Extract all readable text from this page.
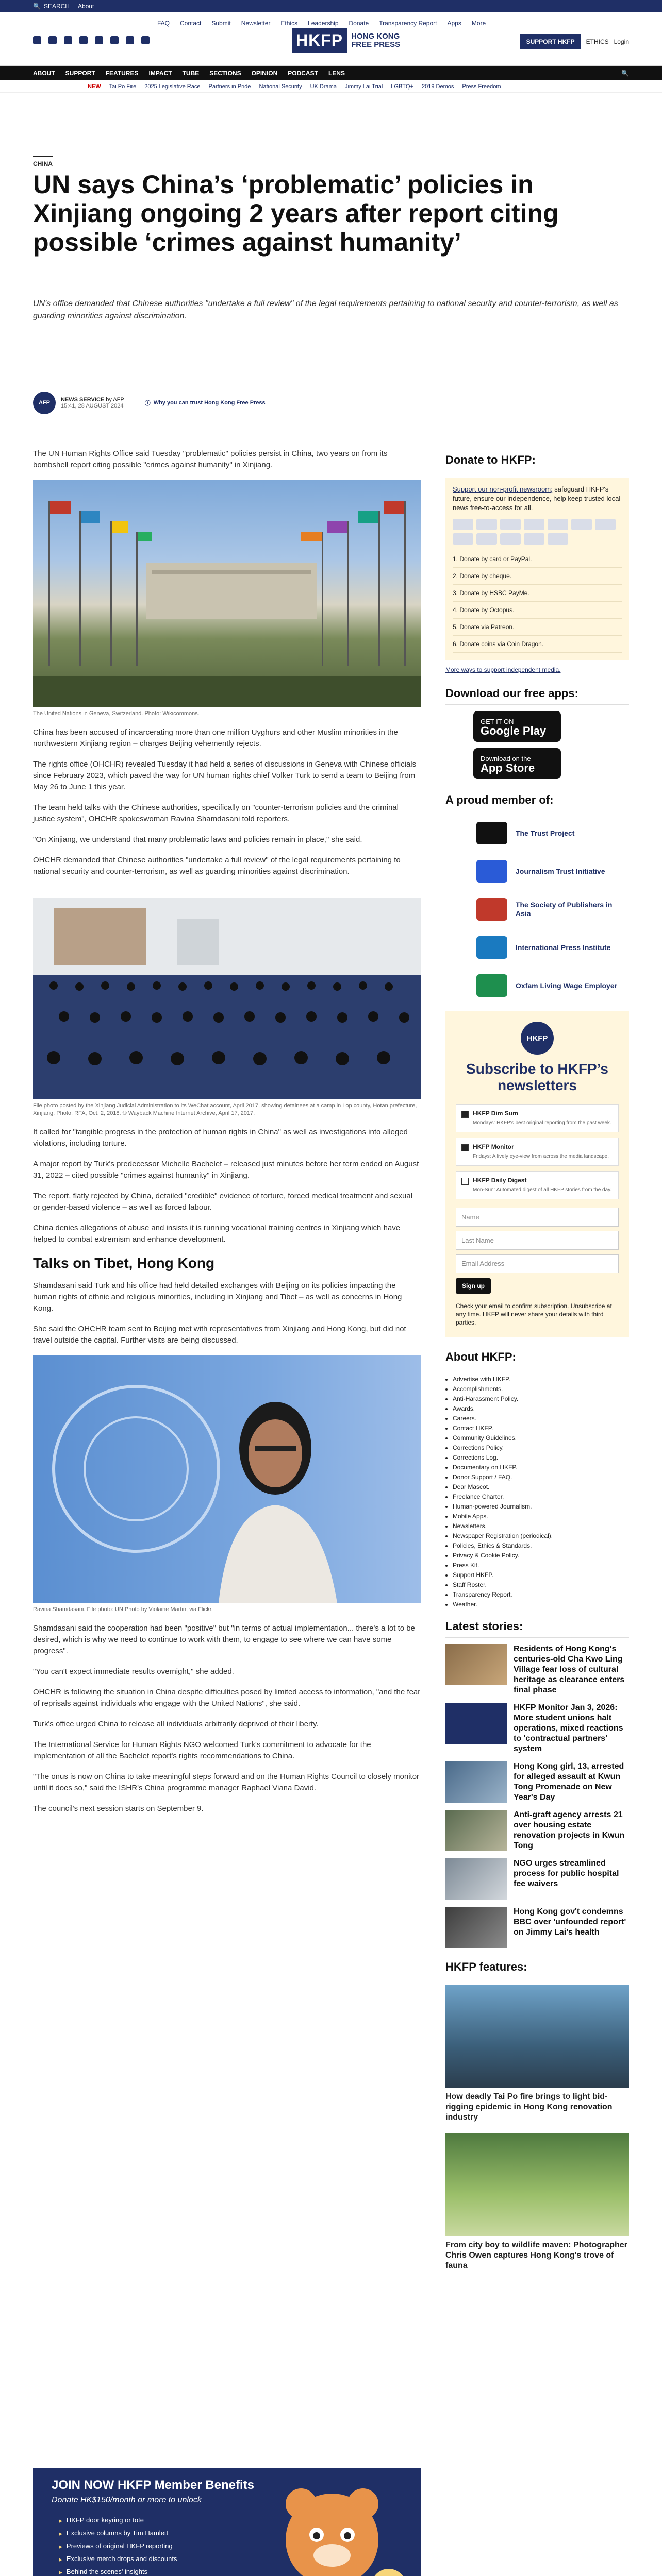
🔍 SEARCH About
FAQ Contact Submit Newsletter Ethics Leadership Donate Transparency Report Apps More
HKFP	HONG KONG
FREE PRESS	SUPPORT HKFP	ETHICS Login
ABOUT SUPPORT FEATURES IMPACT TUBE SECTIONS OPINION PODCAST LENS	🔍
NEW Tai Po Fire 2025 Legislative Race Partners in Pride National Security UK Drama Jimmy Lai Trial LGBTQ+ 2019 Demos Press Freedom
CHINA
UN says China’s ‘problematic’ policies in Xinjiang ongoing 2 years after report citing possible ‘crimes against humanity’
UN's office demanded that Chinese authorities "undertake a full review" of the legal requirements pertaining to national security and counter-terrorism, as well as guarding minorities against discrimination.
AFP	NEWS SERVICE by AFP
15:41, 28 AUGUST 2024	ⓘ Why you can trust Hong Kong Free Press

The UN Human Rights Office said Tuesday "problematic" policies persist in China, two years on from its bombshell report citing possible "crimes against humanity" in Xinjiang.

The United Nations in Geneva, Switzerland. Photo: Wikicommons.

China has been accused of incarcerating more than one million Uyghurs and other Muslim minorities in the northwestern Xinjiang region – charges Beijing vehemently rejects.

The rights office (OHCHR) revealed Tuesday it had held a series of discussions in Geneva with Chinese officials since February 2023, which paved the way for UN human rights chief Volker Turk to send a team to Beijing from May 26 to June 1 this year.

The team held talks with the Chinese authorities, specifically on "counter-terrorism policies and the criminal justice system", OHCHR spokeswoman Ravina Shamdasani told reporters.

"On Xinjiang, we understand that many problematic laws and policies remain in place," she said.

OHCHR demanded that Chinese authorities "undertake a full review" of the legal requirements pertaining to national security and counter-terrorism, as well as guarding minorities against discrimination.

File photo posted by the Xinjiang Judicial Administration to its WeChat account, April 2017, showing detainees at a camp in Lop county, Hotan prefecture, Xinjiang. Photo: RFA, Oct. 2, 2018. © Wayback Machine Internet Archive, April 17, 2017.

It called for "tangible progress in the protection of human rights in China" as well as investigations into alleged violations, including torture.

A major report by Turk's predecessor Michelle Bachelet – released just minutes before her term ended on August 31, 2022 – cited possible "crimes against humanity" in Xinjiang.

The report, flatly rejected by China, detailed "credible" evidence of torture, forced medical treatment and sexual or gender-based violence – as well as forced labour.

China denies allegations of abuse and insists it is running vocational training centres in Xinjiang which have helped to combat extremism and enhance development.

Talks on Tibet, Hong Kong

Shamdasani said Turk and his office had held detailed exchanges with Beijing on its policies impacting the human rights of ethnic and religious minorities, including in Xinjiang and Tibet – as well as concerns in Hong Kong.

She said the OHCHR team sent to Beijing met with representatives from Xinjiang and Hong Kong, but did not travel outside the capital. Further visits are being discussed.

Ravina Shamdasani. File photo: UN Photo by Violaine Martin, via Flickr.

Shamdasani said the cooperation had been "positive" but "in terms of actual implementation... there's a lot to be desired, which is why we need to continue to work with them, to engage to see where we can have some progress".

"You can't expect immediate results overnight," she added.

OHCHR is following the situation in China despite difficulties posed by limited access to information, "and the fear of reprisals against individuals who engage with the United Nations", she said.

Turk's office urged China to release all individuals arbitrarily deprived of their liberty.

The International Service for Human Rights NGO welcomed Turk's commitment to advocate for the implementation of all the Bachelet report's rights recommendations to China.

"The onus is now on China to take meaningful steps forward and on the Human Rights Council to closely monitor until it does so," said the ISHR's China programme manager Raphael Viana David.

The council's next session starts on September 9.

JOIN NOW HKFP Member Benefits
Donate HK$150/month or more to unlock
▶ HKFP door keyring or tote
▶ Exclusive columns by Tim Hamlett
▶ Previews of original HKFP reporting
▶ Exclusive merch drops and discounts
▶ Behind the scenes' insights

Donate to HKFP:
Support our non-profit newsroom; safeguard HKFP's future, ensure our independence, help keep trusted local news free-to-access for all.
1. Donate by card or PayPal.
2. Donate by cheque.
3. Donate by HSBC PayMe.
4. Donate by Octopus.
5. Donate via Patreon.
6. Donate coins via Coin Dragon.
More ways to support independent media.
Download our free apps:
GET IT ON
Google Play
Download on the
App Store
A proud member of:
The Trust Project
Journalism Trust Initiative
The Society of Publishers in Asia
International Press Institute
Oxfam Living Wage Employer
HKFP
Subscribe to HKFP’s newsletters
HKFP Dim Sum
Mondays: HKFP's best original reporting from the past week.
HKFP Monitor
Fridays: A lively eye-view from across the media landscape.
HKFP Daily Digest
Mon-Sun: Automated digest of all HKFP stories from the day.
Name
Last Name
Email Address
Sign up
Check your email to confirm subscription. Unsubscribe at any time. HKFP will never share your details with third parties.
About HKFP:
• Advertise with HKFP.
• Accomplishments.
• Anti-Harassment Policy.
• Awards.
• Careers.
• Contact HKFP.
• Community Guidelines.
• Corrections Policy.
• Corrections Log.
• Documentary on HKFP.
• Donor Support / FAQ.
• Dear Mascot.
• Freelance Charter.
• Human-powered Journalism.
• Mobile Apps.
• Newsletters.
• Newspaper Registration (periodical).
• Policies, Ethics & Standards.
• Privacy & Cookie Policy.
• Press Kit.
• Support HKFP.
• Staff Roster.
• Transparency Report.
• Weather.
Latest stories:
Residents of Hong Kong's centuries-old Cha Kwo Ling Village fear loss of cultural heritage as clearance enters final phase
HKFP Monitor Jan 3, 2026: More student unions halt operations, mixed reactions to 'contractual partners' system
Hong Kong girl, 13, arrested for alleged assault at Kwun Tong Promenade on New Year's Day
Anti-graft agency arrests 21 over housing estate renovation projects in Kwun Tong
NGO urges streamlined process for public hospital fee waivers
Hong Kong gov't condemns BBC over 'unfounded report' on Jimmy Lai's health
HKFP features:
How deadly Tai Po fire brings to light bid-rigging epidemic in Hong Kong renovation industry
From city boy to wildlife maven: Photographer Chris Owen captures Hong Kong's trove of fauna
